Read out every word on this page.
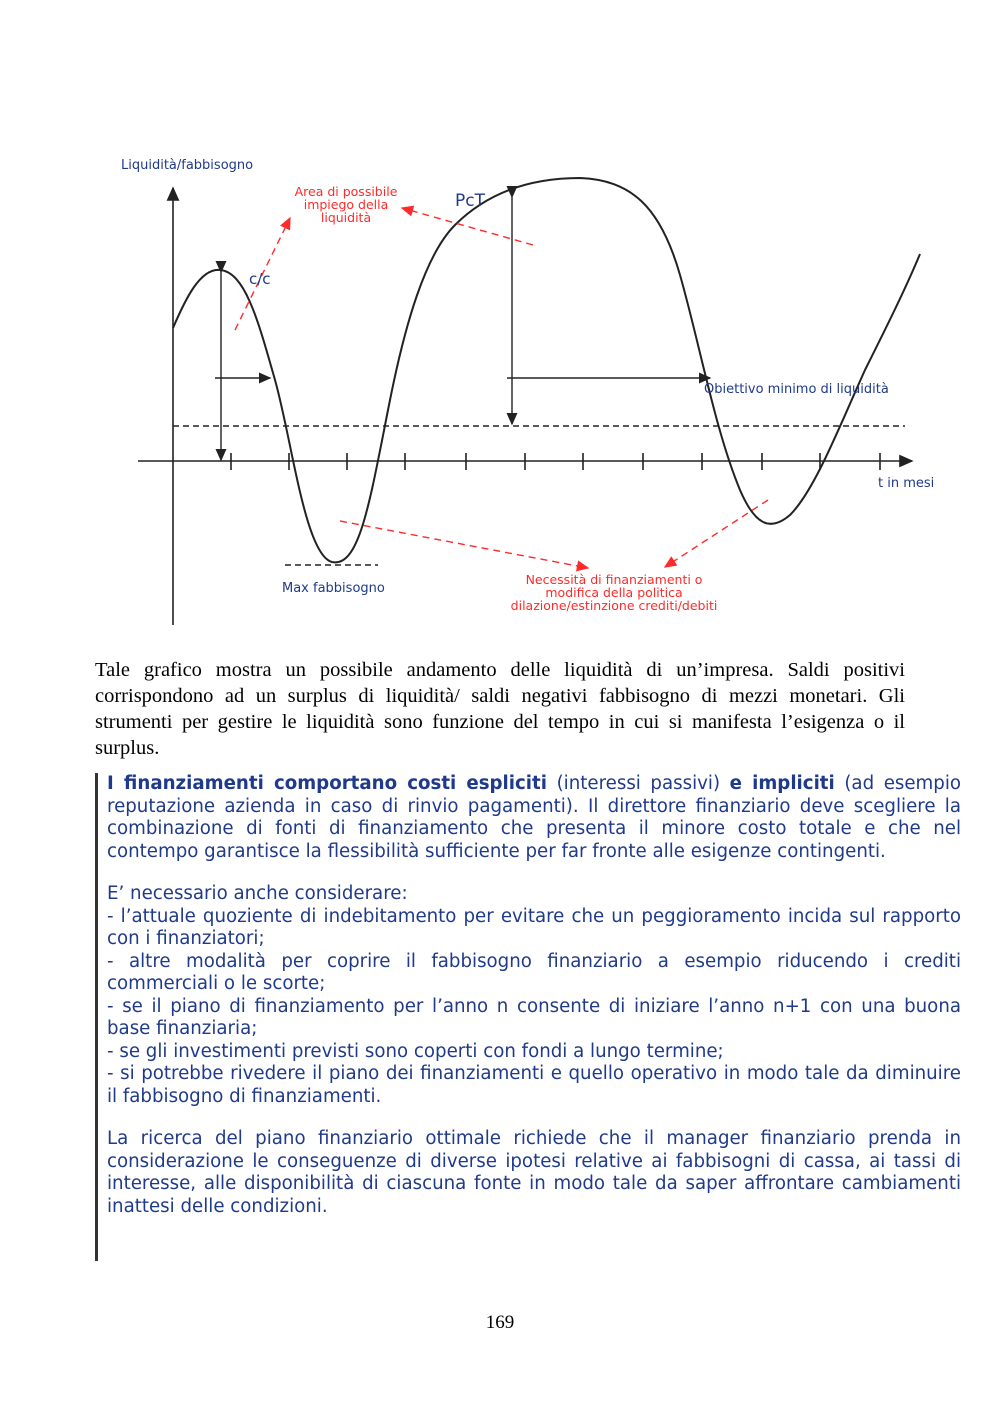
Liquidità/fabbisogno
t in mesi
Area di possibile
impiego della
liquidità
PcT
c/c
Obiettivo minimo di liquidità
Max fabbisogno
Necessità di finanziamenti o
modifica della politica
dilazione/estinzione crediti/debiti

Tale grafico mostra un possibile andamento delle liquidità di un’impresa. Saldi positivi corrispondono ad un surplus di liquidità/ saldi negativi fabbisogno di mezzi monetari. Gli strumenti per gestire le liquidità sono funzione del tempo in cui si manifesta l’esigenza o il surplus.

I finanziamenti comportano costi espliciti (interessi passivi) e impliciti (ad esempio reputazione azienda in caso di rinvio pagamenti). Il direttore finanziario deve scegliere la combinazione di fonti di finanziamento che presenta il minore costo totale e che nel contempo garantisce la flessibilità sufficiente per far fronte alle esigenze contingenti.

E’ necessario anche considerare:

- l’attuale quoziente di indebitamento per evitare che un peggioramento incida sul rapporto con i finanziatori;

- altre modalità per coprire il fabbisogno finanziario a esempio riducendo i crediti commerciali o le scorte;

- se il piano di finanziamento per l’anno n consente di iniziare l’anno n+1 con una buona base finanziaria;

- se gli investimenti previsti sono coperti con fondi a lungo termine;

- si potrebbe rivedere il piano dei finanziamenti e quello operativo in modo tale da diminuire il fabbisogno di finanziamenti.

La ricerca del piano finanziario ottimale richiede che il manager finanziario prenda in considerazione le conseguenze di diverse ipotesi relative ai fabbisogni di cassa, ai tassi di interesse, alle disponibilità di ciascuna fonte in modo tale da saper affrontare cambiamenti inattesi delle condizioni.

169
